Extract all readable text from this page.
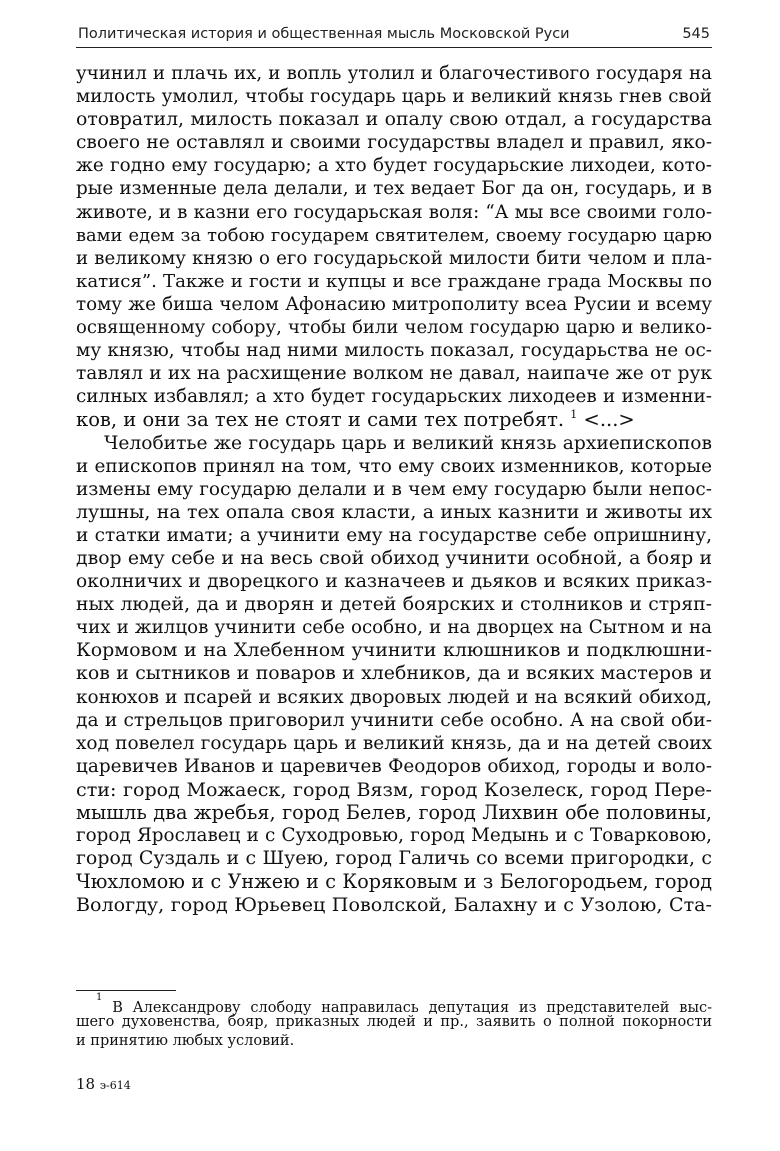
Политическая история и общественная мысль Московской Руси	545
учинил и плачь их, и вопль утолил и благочестивого государя на
милость умолил, чтобы государь царь и великий князь гнев свой
отовратил, милость показал и опалу свою отдал, а государства
своего не оставлял и своими государствы владел и правил, яко-
же годно ему государю; а хто будет государьские лиходеи, кото-
рые изменные дела делали, и тех ведает Бог да он, государь, и в
животе, и в казни его государьская воля: “А мы все своими голо-
вами едем за тобою государем святителем, своему государю царю
и великому князю о его государьской милости бити челом и пла-
катися”. Также и гости и купцы и все граждане града Москвы по
тому же биша челом Афонасию митрополиту всеа Русии и всему
освященному собору, чтобы били челом государю царю и велико-
му князю, чтобы над ними милость показал, государьства не ос-
тавлял и их на расхищение волком не давал, наипаче же от рук
силных избавлял; а хто будет государьских лиходеев и изменни-
ков, и они за тех не стоят и сами тех потребят. $^1$ <...>
Челобитье же государь царь и великий князь архиепископов
и епископов принял на том, что ему своих изменников, которые
измены ему государю делали и в чем ему государю были непос-
лушны, на тех опала своя класти, а иных казнити и животы их
и статки имати; а учинити ему на государстве себе опришнину,
двор ему себе и на весь свой обиход учинити особной, а бояр и
околничих и дворецкого и казначеев и дьяков и всяких приказ-
ных людей, да и дворян и детей боярских и столников и стряп-
чих и жилцов учинити себе особно, и на дворцех на Сытном и на
Кормовом и на Хлебенном учинити клюшников и подклюшни-
ков и сытников и поваров и хлебников, да и всяких мастеров и
конюхов и псарей и всяких дворовых людей и на всякий обиход,
да и стрельцов приговорил учинити себе особно. А на свой оби-
ход повелел государь царь и великий князь, да и на детей своих
царевичев Иванов и царевичев Феодоров обиход, городы и воло-
сти: город Можаеск, город Вязм, город Козелеск, город Пере-
мышль два жребья, город Белев, город Лихвин обе половины,
город Ярославец и с Суходровью, город Медынь и с Товарковою,
город Суздаль и с Шуею, город Галичь со всеми пригородки, с
Чюхломою и с Унжею и с Коряковым и з Белогородьем, город
Вологду, город Юрьевец Поволской, Балахну и с Узолою, Ста-
$^1$ В Александрову слободу направилась депутация из представителей выс-
шего духовенства, бояр, приказных людей и пр., заявить о полной покорности
и принятию любых условий.
18 э-614
